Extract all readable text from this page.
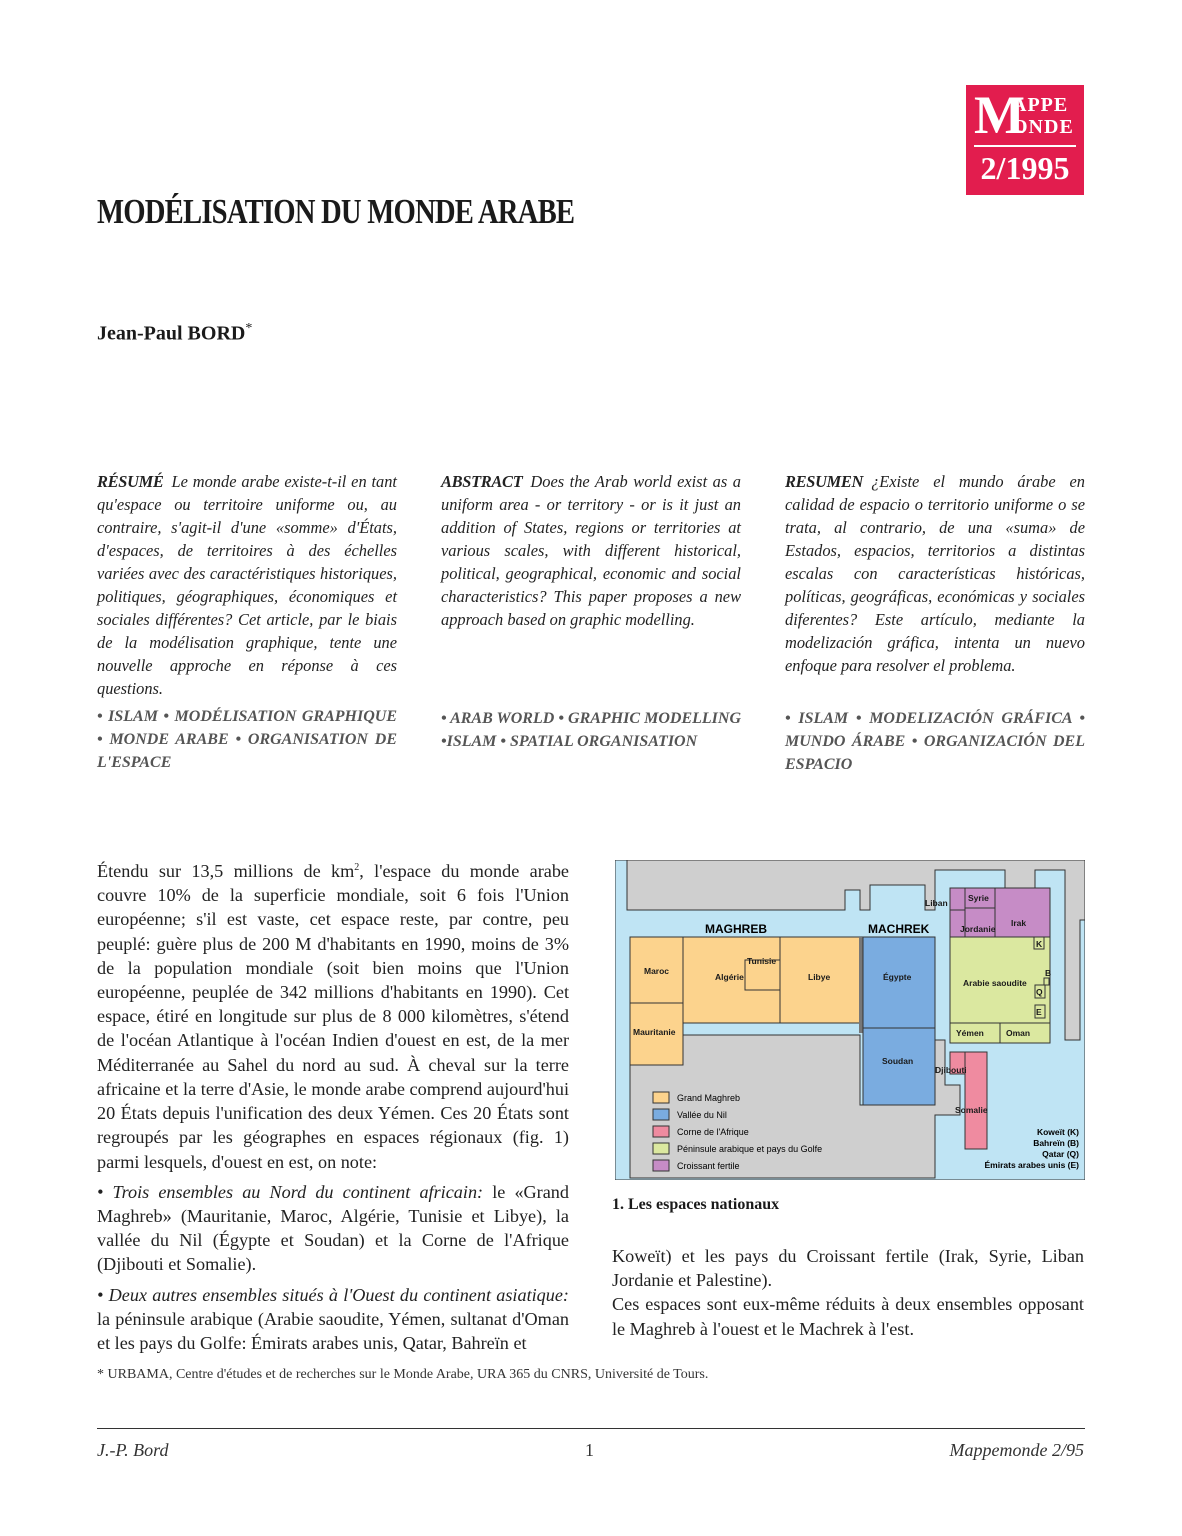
M
APPE
ONDE
2/1995
MODÉLISATION DU MONDE ARABE
Jean-Paul BORD*
RÉSUMÉ Le monde arabe existe-t-il en tant qu'espace ou territoire uniforme ou, au contraire, s'agit-il d'une «somme» d'États, d'espaces, de territoires à des échelles variées avec des caractéristiques historiques, politiques, géographiques, économiques et sociales différentes? Cet article, par le biais de la modélisation graphique, tente une nouvelle approche en réponse à ces questions.
• ISLAM • MODÉLISATION GRAPHIQUE • MONDE ARABE • ORGANISATION DE L'ESPACE
ABSTRACT Does the Arab world exist as a uniform area - or territory - or is it just an addition of States, regions or territories at various scales, with different historical, political, geographical, economic and social characteristics? This paper proposes a new approach based on graphic modelling.
• ARAB WORLD • GRAPHIC MODELLING •ISLAM • SPATIAL ORGANISATION
RESUMEN ¿Existe el mundo árabe en calidad de espacio o territorio uniforme o se trata, al contrario, de una «suma» de Estados, espacios, territorios a distintas escalas con características históricas, políticas, geográficas, económicas y sociales diferentes? Este artículo, mediante la modelización gráfica, intenta un nuevo enfoque para resolver el problema.
• ISLAM • MODELIZACIÓN GRÁFICA • MUNDO ÁRABE • ORGANIZACIÓN DEL ESPACIO

Étendu sur 13,5 millions de $km^2$, l'espace du monde arabe couvre 10% de la superficie mondiale, soit 6 fois l'Union européenne; s'il est vaste, cet espace reste, par contre, peu peuplé: guère plus de 200 M d'habitants en 1990, moins de 3% de la population mondiale (soit bien moins que l'Union européenne, peuplée de 342 millions d'habitants en 1990). Cet espace, étiré en longitude sur plus de 8 000 kilomètres, s'étend de l'océan Atlantique à l'océan Indien d'ouest en est, de la mer Méditerranée au Sahel du nord au sud. À cheval sur la terre africaine et la terre d'Asie, le monde arabe comprend aujourd'hui 20 États depuis l'unification des deux Yémen. Ces 20 États sont regroupés par les géographes en espaces régionaux (fig. 1) parmi lesquels, d'ouest en est, on note:

• Trois ensembles au Nord du continent africain: le «Grand Maghreb» (Mauritanie, Maroc, Algérie, Tunisie et Libye), la vallée du Nil (Égypte et Soudan) et la Corne de l'Afrique (Djibouti et Somalie).

• Deux autres ensembles situés à l'Ouest du continent asiatique: la péninsule arabique (Arabie saoudite, Yémen, sultanat d'Oman et les pays du Golfe: Émirats arabes unis, Qatar, Bahreïn et

MAGHREB	MACHREK
Maroc
Algérie
Tunisie
Libye
Mauritanie
Égypte
Soudan
Djibouti
Somalie
Arabie saoudite
Yémen	Oman
Liban Syrie
Irak
Jordanie
K
B
Q
E
Koweït (K)
Bahreïn (B)
Qatar (Q)
Émirats arabes unis (E)
Grand Maghreb
Vallée du Nil
Corne de l'Afrique
Péninsule arabique et pays du Golfe
Croissant fertile
1. Les espaces nationaux

Koweït) et les pays du Croissant fertile (Irak, Syrie, Liban Jordanie et Palestine).

Ces espaces sont eux-même réduits à deux ensembles opposant le Maghreb à l'ouest et le Machrek à l'est.

* URBAMA, Centre d'études et de recherches sur le Monde Arabe, URA 365 du CNRS, Université de Tours.
J.-P. Bord	1	Mappemonde 2/95
